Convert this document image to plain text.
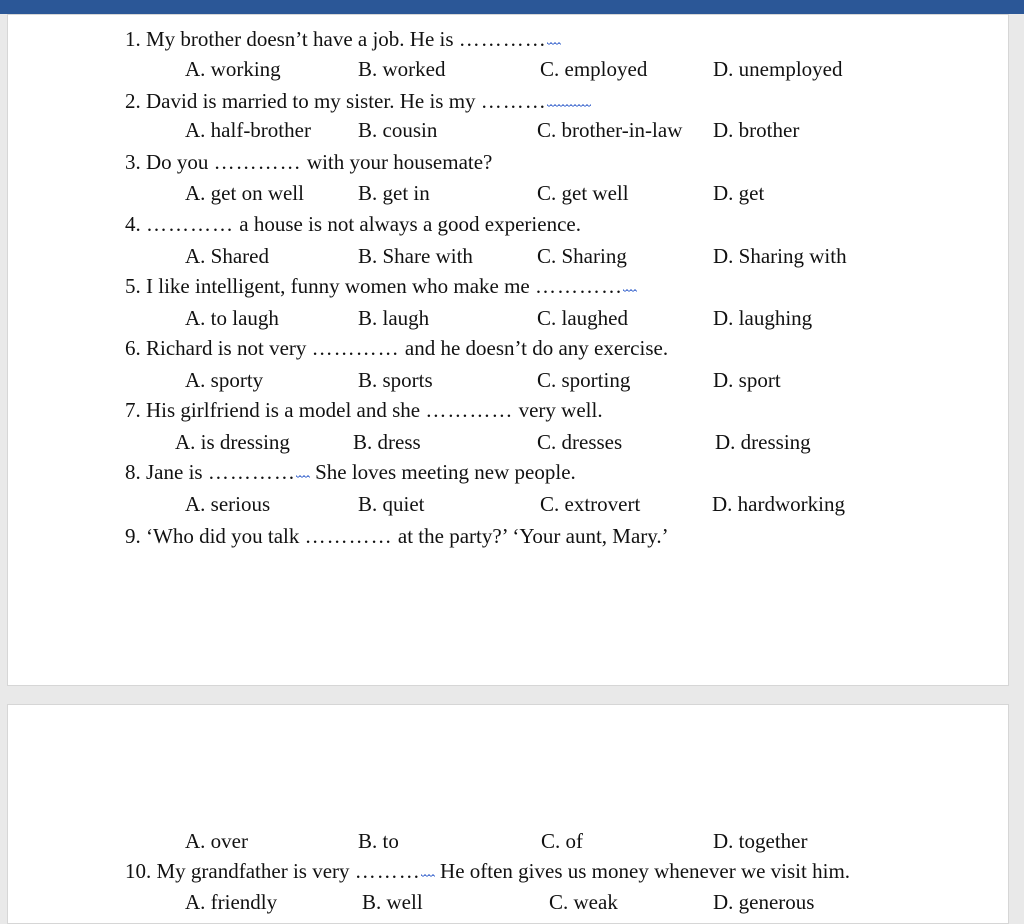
1. My brother doesn’t have a job. He is …………
A. working	B. worked	C. employed	D. unemployed
2. David is married to my sister. He is my ………
A. half-brother B. cousin	C. brother-in-law D. brother
3. Do you ………… with your housemate?
A. get on well	B. get in	C. get well	D. get
4. ………… a house is not always a good experience.
A. Shared	B. Share with	C. Sharing	D. Sharing with
5. I like intelligent, funny women who make me …………
A. to laugh	B. laugh	C. laughed	D. laughing
6. Richard is not very ………… and he doesn’t do any exercise.
A. sporty	B. sports	C. sporting	D. sport
7. His girlfriend is a model and she ………… very well.
A. is dressing	B. dress	C. dresses	D. dressing
8. Jane is ………… She loves meeting new people.
A. serious	B. quiet	C. extrovert	D. hardworking
9. ‘Who did you talk ………… at the party?’ ‘Your aunt, Mary.’
A. over	B. to	C. of	D. together
10. My grandfather is very ……… He often gives us money whenever we visit him.
A. friendly	B. well	C. weak	D. generous
